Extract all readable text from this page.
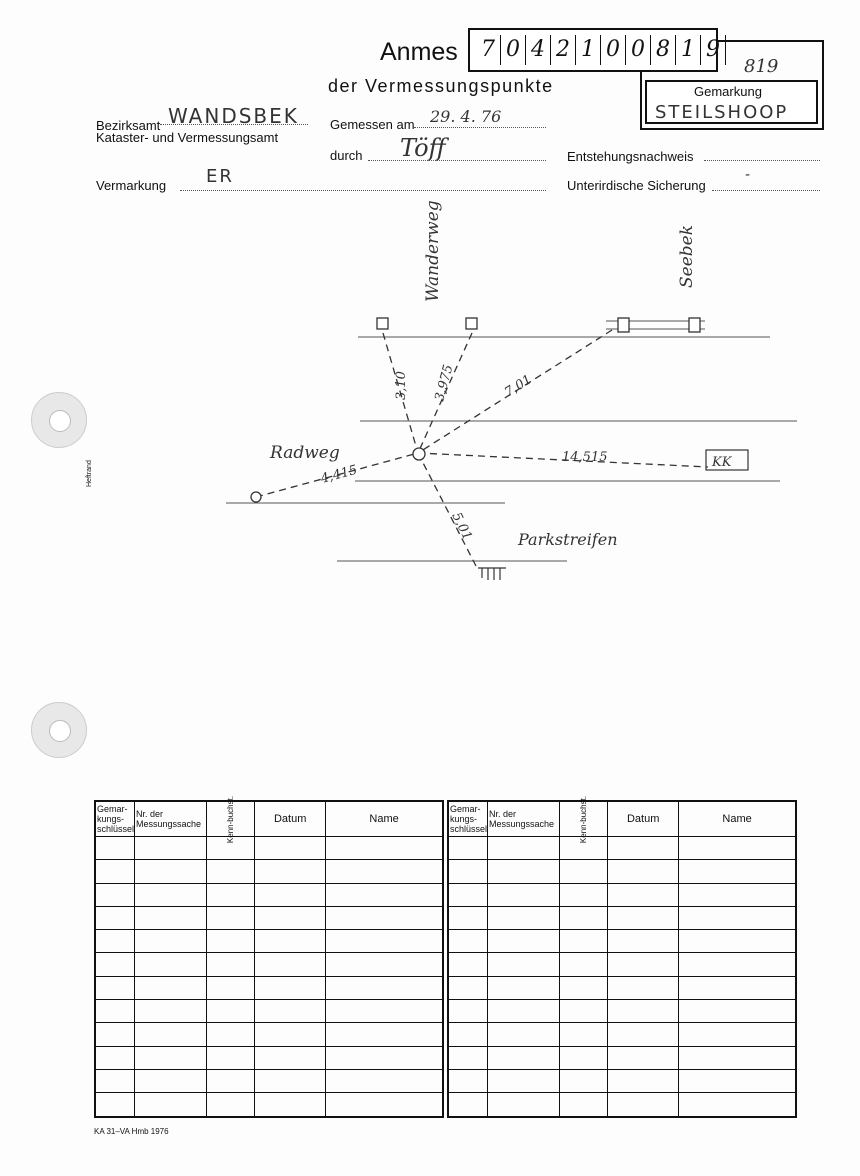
Anmes
der Vermessungspunkte
819
Gemarkung
STEILSHOOP
7 0 4 2 1 0 0 8 1 9
Bezirksamt WANDSBEK
Kataster- und Vermessungsamt
Gemessen am 29. 4. 76
durch Töff	Entstehungsnachweis
Vermarkung ER	Unterirdische Sicherung
-
Wanderweg	Seebek
Radweg
Parkstreifen
3,10 3,975	7,01
4,415
14,515
5,01
KK
Heftrand
Gemar-kungs-schlüssel	Nr. der Messungssache	Kenn-buchst.	Datum	Name

Gemar-kungs-schlüssel	Nr. der Messungssache	Kenn-buchst.	Datum	Name

KA 31–VA Hmb 1976
